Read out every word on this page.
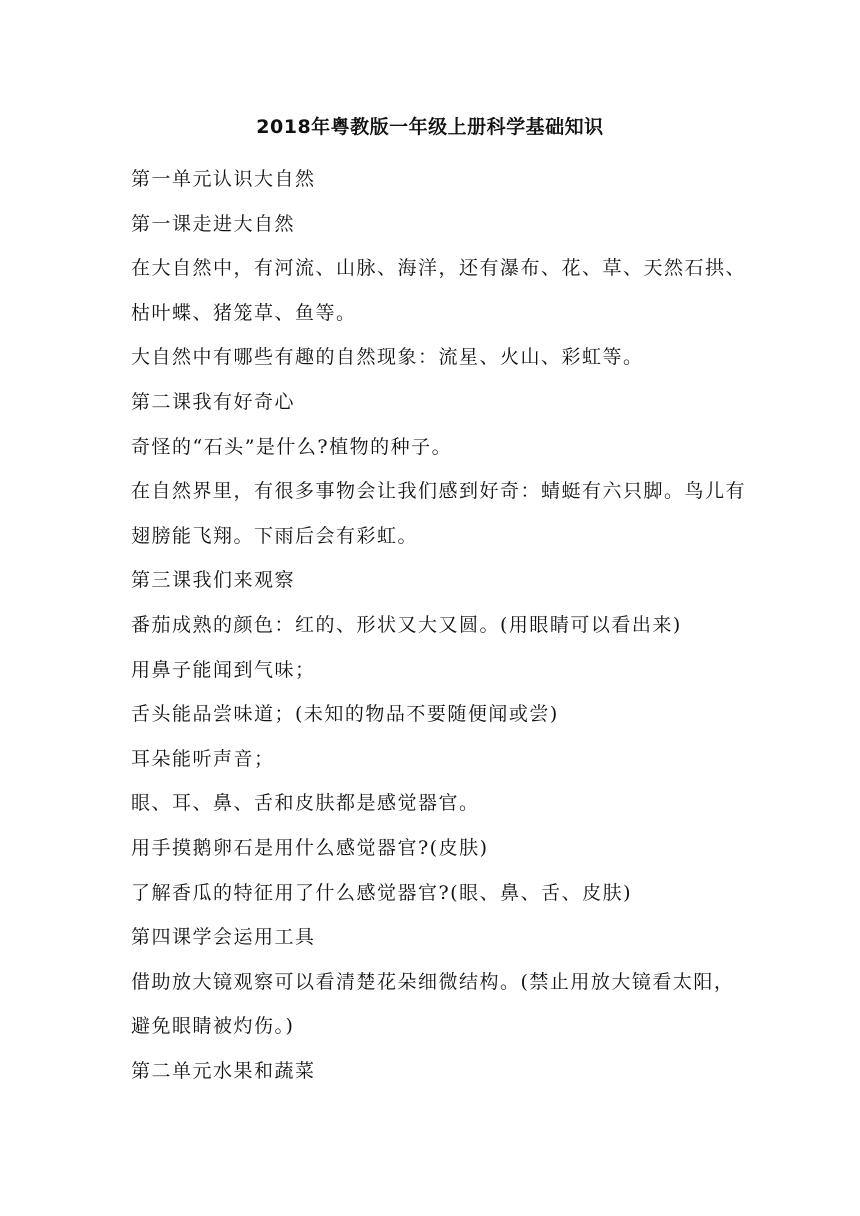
2018年粤教版一年级上册科学基础知识
第一单元认识大自然
第一课走进大自然
在大自然中，有河流、山脉、海洋，还有瀑布、花、草、天然石拱、
枯叶蝶、猪笼草、鱼等。
大自然中有哪些有趣的自然现象：流星、火山、彩虹等。
第二课我有好奇心
奇怪的“石头”是什么?植物的种子。
在自然界里，有很多事物会让我们感到好奇：蜻蜓有六只脚。鸟儿有
翅膀能飞翔。下雨后会有彩虹。
第三课我们来观察
番茄成熟的颜色：红的、形状又大又圆。(用眼睛可以看出来)
用鼻子能闻到气味；
舌头能品尝味道；(未知的物品不要随便闻或尝)
耳朵能听声音；
眼、耳、鼻、舌和皮肤都是感觉器官。
用手摸鹅卵石是用什么感觉器官?(皮肤)
了解香瓜的特征用了什么感觉器官?(眼、鼻、舌、皮肤)
第四课学会运用工具
借助放大镜观察可以看清楚花朵细微结构。(禁止用放大镜看太阳，
避免眼睛被灼伤。)
第二单元水果和蔬菜
